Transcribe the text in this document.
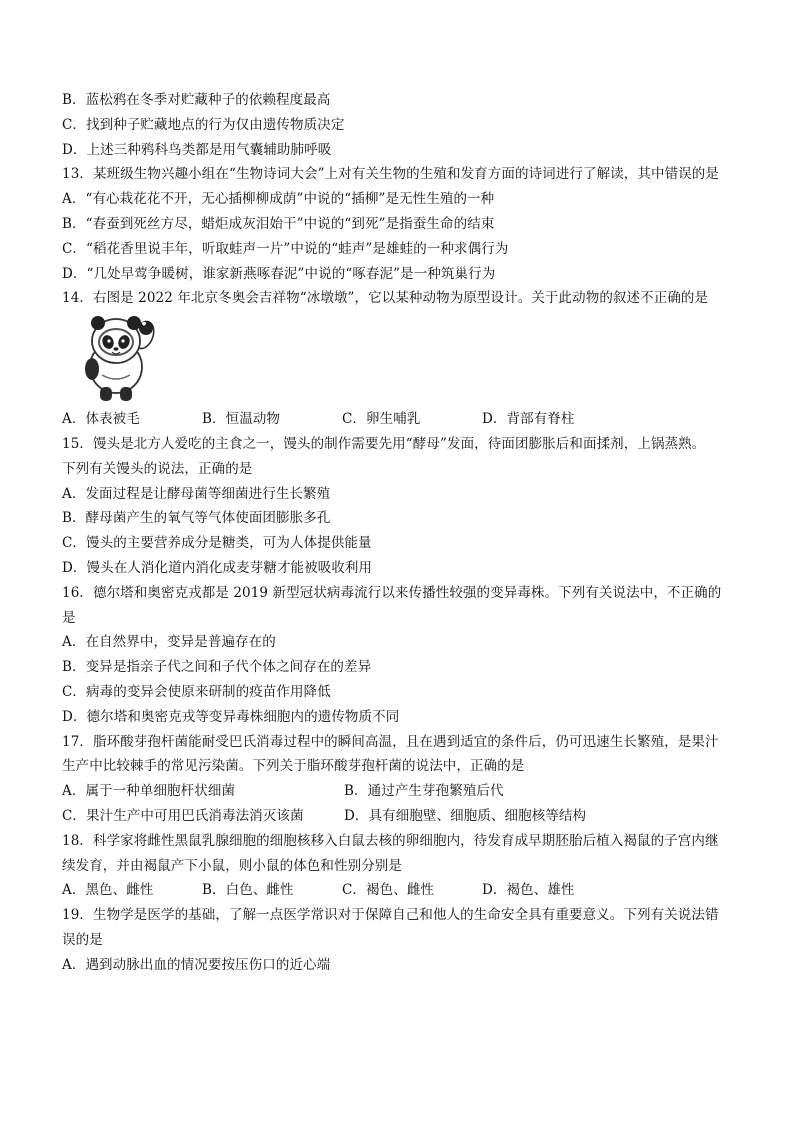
B．蓝松鸦在冬季对贮藏种子的依赖程度最高
C．找到种子贮藏地点的行为仅由遗传物质决定
D．上述三种鸦科鸟类都是用气囊辅助肺呼吸
13．某班级生物兴趣小组在“生物诗词大会”上对有关生物的生殖和发育方面的诗词进行了解读，其中错误的是
A．“有心栽花花不开，无心插柳柳成荫”中说的“插柳”是无性生殖的一种
B．“春蚕到死丝方尽，蜡炬成灰泪始干”中说的“到死”是指蚕生命的结束
C．“稻花香里说丰年，听取蛙声一片”中说的“蛙声”是雄蛙的一种求偶行为
D．“几处早莺争暖树，谁家新燕啄春泥”中说的“啄春泥”是一种筑巢行为
14．右图是 2022 年北京冬奥会吉祥物“冰墩墩”，它以某种动物为原型设计。关于此动物的叙述不正确的是
A．体表被毛	B．恒温动物	C．卵生哺乳	D．背部有脊柱
15．馒头是北方人爱吃的主食之一，馒头的制作需要先用“酵母”发面，待面团膨胀后和面揉剂，上锅蒸熟。
下列有关馒头的说法，正确的是
A．发面过程是让酵母菌等细菌进行生长繁殖
B．酵母菌产生的氧气等气体使面团膨胀多孔
C．馒头的主要营养成分是糖类，可为人体提供能量
D．馒头在人消化道内消化成麦芽糖才能被吸收利用
16．德尔塔和奥密克戎都是 2019 新型冠状病毒流行以来传播性较强的变异毒株。下列有关说法中，不正确的
是
A．在自然界中，变异是普遍存在的
B．变异是指亲子代之间和子代个体之间存在的差异
C．病毒的变异会使原来研制的疫苗作用降低
D．德尔塔和奥密克戎等变异毒株细胞内的遗传物质不同
17．脂环酸芽孢杆菌能耐受巴氏消毒过程中的瞬间高温，且在遇到适宜的条件后，仍可迅速生长繁殖，是果汁
生产中比较棘手的常见污染菌。下列关于脂环酸芽孢杆菌的说法中，正确的是
A．属于一种单细胞杆状细菌	B．通过产生芽孢繁殖后代
C．果汁生产中可用巴氏消毒法消灭该菌	D．具有细胞壁、细胞质、细胞核等结构
18．科学家将雌性黑鼠乳腺细胞的细胞核移入白鼠去核的卵细胞内，待发育成早期胚胎后植入褐鼠的子宫内继
续发育，并由褐鼠产下小鼠，则小鼠的体色和性别分别是
A．黑色、雌性	B．白色、雌性	C．褐色、雌性	D．褐色、雄性
19．生物学是医学的基础，了解一点医学常识对于保障自己和他人的生命安全具有重要意义。下列有关说法错
误的是
A．遇到动脉出血的情况要按压伤口的近心端
